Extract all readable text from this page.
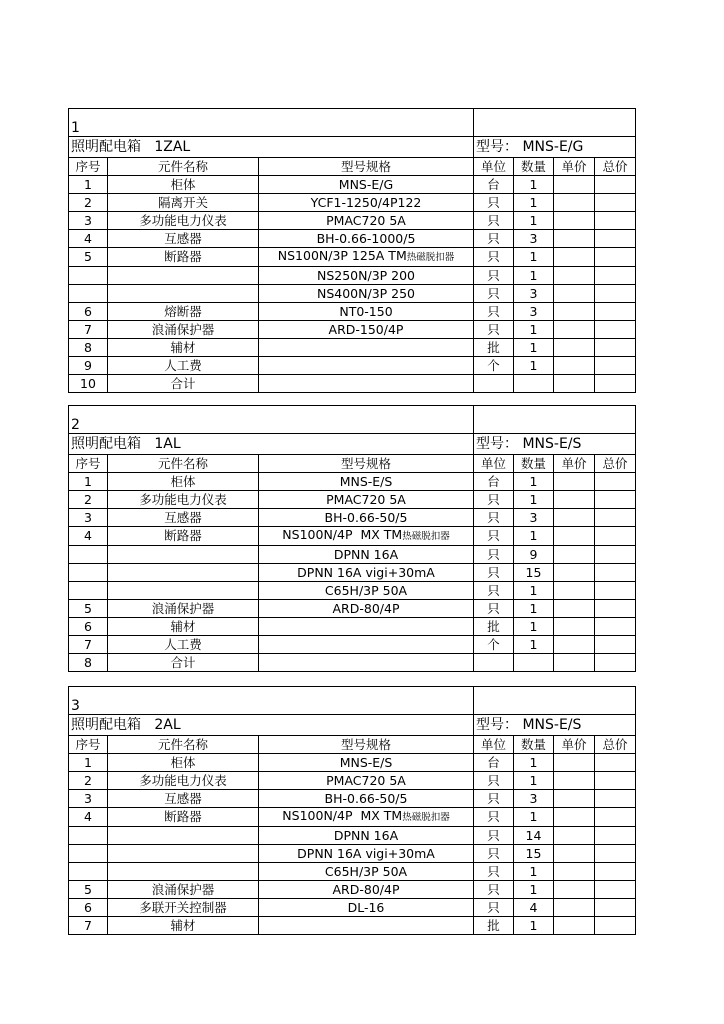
1						
照明配电箱   1ZAL			型号： MNS-E/G			
序号	元件名称	型号规格	单位	数量	单价	总价
1	柜体	MNS-E/G	台	1		
2	隔离开关	YCF1-1250/4P122	只	1		
3	多功能电力仪表	PMAC720 5A	只	1		
4	互感器	BH-0.66-1000/5	只	3		
5	断路器	NS100N/3P 125A TM热磁脱扣器	只	1		
		NS250N/3P 200	只	1		
		NS400N/3P 250	只	3		
6	熔断器	NT0-150	只	3		
7	浪涌保护器	ARD-150/4P	只	1		
8	辅材		批	1		
9	人工费		个	1		
10	合计					
2						
照明配电箱   1AL			型号： MNS-E/S			
序号	元件名称	型号规格	单位	数量	单价	总价
1	柜体	MNS-E/S	台	1		
2	多功能电力仪表	PMAC720 5A	只	1		
3	互感器	BH-0.66-50/5	只	3		
4	断路器	NS100N/4P  MX TM热磁脱扣器	只	1		
		DPNN 16A	只	9		
		DPNN 16A vigi+30mA	只	15		
		C65H/3P 50A	只	1		
5	浪涌保护器	ARD-80/4P	只	1		
6	辅材		批	1		
7	人工费		个	1		
8	合计					
3						
照明配电箱   2AL			型号： MNS-E/S			
序号	元件名称	型号规格	单位	数量	单价	总价
1	柜体	MNS-E/S	台	1		
2	多功能电力仪表	PMAC720 5A	只	1		
3	互感器	BH-0.66-50/5	只	3		
4	断路器	NS100N/4P  MX TM热磁脱扣器	只	1		
		DPNN 16A	只	14		
		DPNN 16A vigi+30mA	只	15		
		C65H/3P 50A	只	1		
5	浪涌保护器	ARD-80/4P	只	1		
6	多联开关控制器	DL-16	只	4		
7	辅材		批	1		
